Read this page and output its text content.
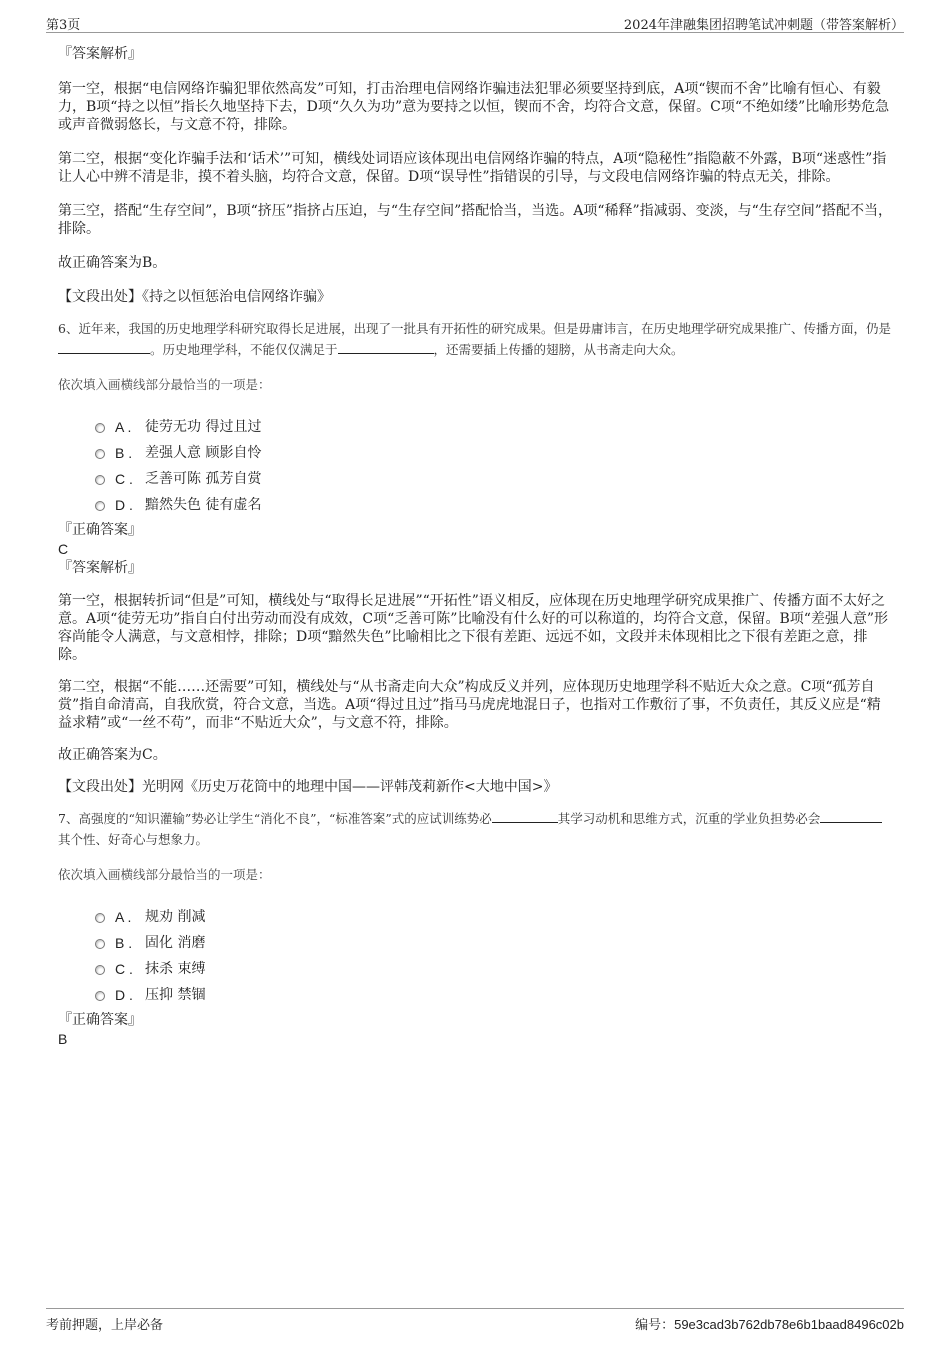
第3页	2024年津融集团招聘笔试冲刺题（带答案解析）
『答案解析』

第一空，根据“电信网络诈骗犯罪依然高发”可知，打击治理电信网络诈骗违法犯罪必须要坚持到底，A项“锲而不舍”比喻有恒心、有毅力，B项“持之以恒”指长久地坚持下去，D项“久久为功”意为要持之以恒，锲而不舍，均符合文意，保留。C项“不绝如缕”比喻形势危急或声音微弱悠长，与文意不符，排除。

第二空，根据“变化诈骗手法和‘话术’”可知，横线处词语应该体现出电信网络诈骗的特点，A项“隐秘性”指隐蔽不外露，B项“迷惑性”指让人心中辨不清是非，摸不着头脑，均符合文意，保留。D项“误导性”指错误的引导，与文段电信网络诈骗的特点无关，排除。

第三空，搭配“生存空间”，B项“挤压”指挤占压迫，与“生存空间”搭配恰当，当选。A项“稀释”指减弱、变淡，与“生存空间”搭配不当，排除。

故正确答案为B。

【文段出处】《持之以恒惩治电信网络诈骗》

6、近年来，我国的历史地理学科研究取得长足进展，出现了一批具有开拓性的研究成果。但是毋庸讳言，在历史地理学研究成果推广、传播方面，仍是。历史地理学科，不能仅仅满足于	，还需要插上传播的翅膀，从书斋走向大众。

依次填入画横线部分最恰当的一项是：

A . 徒劳无功 得过且过
B . 差强人意 顾影自怜
C . 乏善可陈 孤芳自赏
D . 黯然失色 徒有虚名
『正确答案』
C
『答案解析』

第一空，根据转折词“但是”可知，横线处与“取得长足进展”“开拓性”语义相反，应体现在历史地理学研究成果推广、传播方面不太好之意。A项“徒劳无功”指自白付出劳动而没有成效，C项“乏善可陈”比喻没有什么好的可以称道的，均符合文意，保留。B项“差强人意”形容尚能令人满意，与文意相悖，排除；D项“黯然失色”比喻相比之下很有差距、远远不如，文段并未体现相比之下很有差距之意，排除。

第二空，根据“不能……还需要”可知，横线处与“从书斋走向大众”构成反义并列，应体现历史地理学科不贴近大众之意。C项“孤芳自赏”指自命清高，自我欣赏，符合文意，当选。A项“得过且过”指马马虎虎地混日子，也指对工作敷衍了事，不负责任，其反义应是“精益求精”或“一丝不苟”，而非“不贴近大众”，与文意不符，排除。

故正确答案为C。

【文段出处】光明网《历史万花筒中的地理中国——评韩茂莉新作<大地中国>》

7、高强度的“知识灌输”势必让学生“消化不良”，“标准答案”式的应试训练势必	其学习动机和思维方式，沉重的学业负担势必会其个性、好奇心与想象力。

依次填入画横线部分最恰当的一项是：

A . 规劝 削减
B . 固化 消磨
C . 抹杀 束缚
D . 压抑 禁锢
『正确答案』
B
考前押题，上岸必备	编号：59e3cad3b762db78e6b1baad8496c02b
